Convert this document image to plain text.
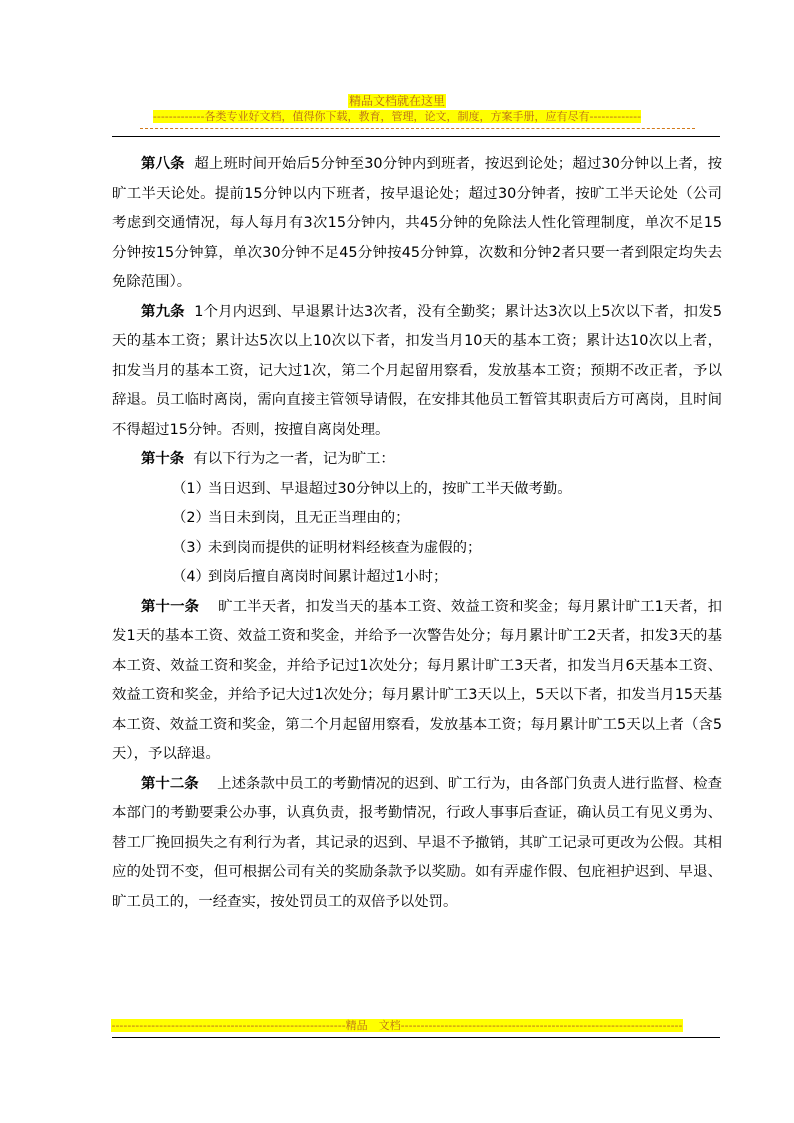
精品文档就在这里
-------------各类专业好文档，值得你下载，教育，管理，论文，制度，方案手册，应有尽有-------------

第八条 超上班时间开始后5分钟至30分钟内到班者，按迟到论处；超过30分钟以上者，按旷工半天论处。提前15分钟以内下班者，按早退论处；超过30分钟者，按旷工半天论处（公司考虑到交通情况，每人每月有3次15分钟内，共45分钟的免除法人性化管理制度，单次不足15分钟按15分钟算，单次30分钟不足45分钟按45分钟算，次数和分钟2者只要一者到限定均失去免除范围）。

第九条 1个月内迟到、早退累计达3次者，没有全勤奖；累计达3次以上5次以下者，扣发5天的基本工资；累计达5次以上10次以下者，扣发当月10天的基本工资；累计达10次以上者，扣发当月的基本工资，记大过1次，第二个月起留用察看，发放基本工资；预期不改正者，予以辞退。员工临时离岗，需向直接主管领导请假，在安排其他员工暂管其职责后方可离岗，且时间不得超过15分钟。否则，按擅自离岗处理。

第十条 有以下行为之一者，记为旷工：

（1）当日迟到、早退超过30分钟以上的，按旷工半天做考勤。

（2）当日未到岗，且无正当理由的；

（3）未到岗而提供的证明材料经核查为虚假的；

（4）到岗后擅自离岗时间累计超过1小时；

第十一条 旷工半天者，扣发当天的基本工资、效益工资和奖金；每月累计旷工1天者，扣发1天的基本工资、效益工资和奖金，并给予一次警告处分；每月累计旷工2天者，扣发3天的基本工资、效益工资和奖金，并给予记过1次处分；每月累计旷工3天者，扣发当月6天基本工资、效益工资和奖金，并给予记大过1次处分；每月累计旷工3天以上，5天以下者，扣发当月15天基本工资、效益工资和奖金，第二个月起留用察看，发放基本工资；每月累计旷工5天以上者（含5天），予以辞退。

第十二条 上述条款中员工的考勤情况的迟到、旷工行为，由各部门负责人进行监督、检查本部门的考勤要秉公办事，认真负责，报考勤情况，行政人事事后查证，确认员工有见义勇为、替工厂挽回损失之有利行为者，其记录的迟到、早退不予撤销，其旷工记录可更改为公假。其相应的处罚不变，但可根据公司有关的奖励条款予以奖励。如有弄虚作假、包庇袒护迟到、早退、旷工员工的，一经查实，按处罚员工的双倍予以处罚。

-----------------------------------------------------------精品　文档-----------------------------------------------------------------------
